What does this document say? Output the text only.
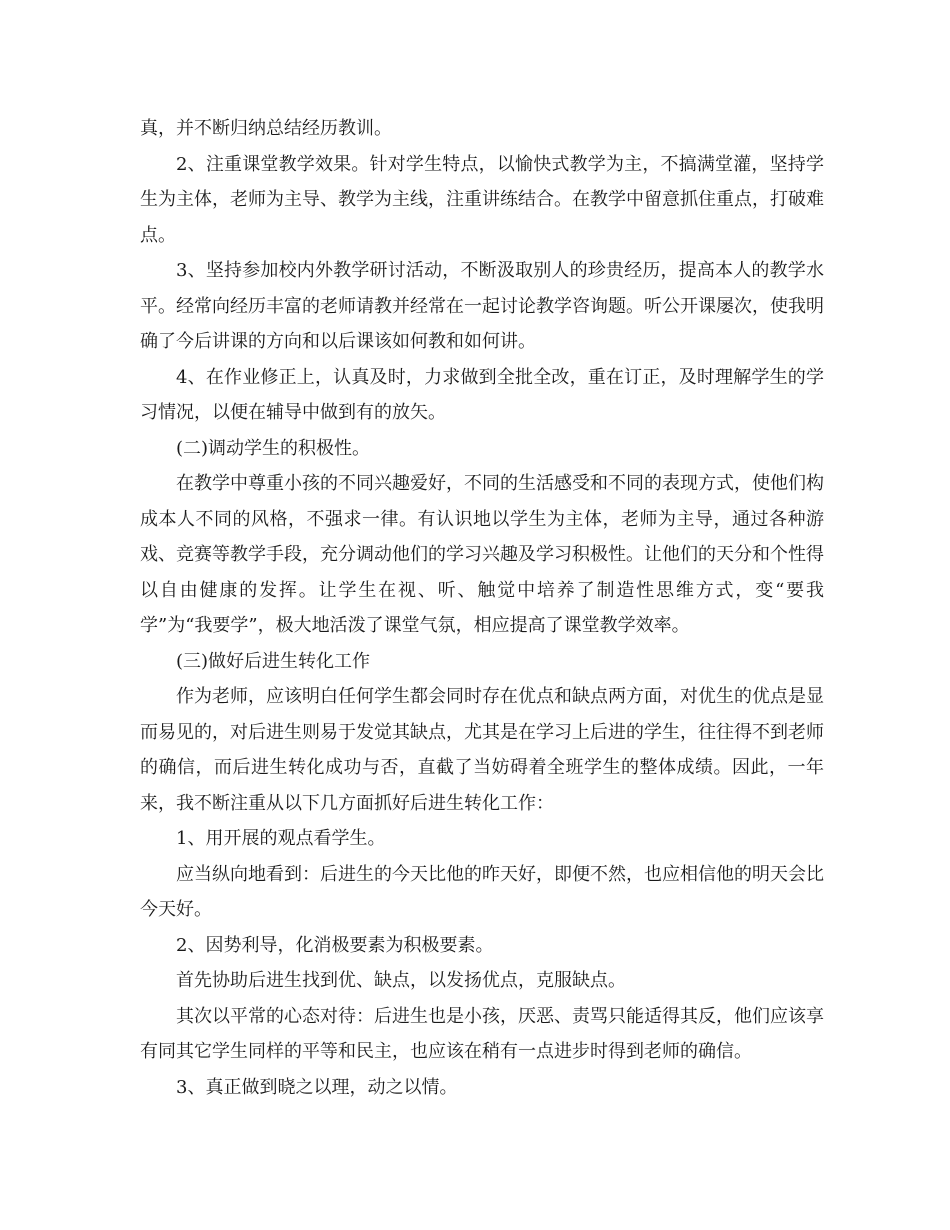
真，并不断归纳总结经历教训。

2、注重课堂教学效果。针对学生特点，以愉快式教学为主，不搞满堂灌，坚持学生为主体，老师为主导、教学为主线，注重讲练结合。在教学中留意抓住重点，打破难点。

3、坚持参加校内外教学研讨活动，不断汲取别人的珍贵经历，提高本人的教学水平。经常向经历丰富的老师请教并经常在一起讨论教学咨询题。听公开课屡次，使我明确了今后讲课的方向和以后课该如何教和如何讲。

4、在作业修正上，认真及时，力求做到全批全改，重在订正，及时理解学生的学习情况，以便在辅导中做到有的放矢。

(二)调动学生的积极性。

在教学中尊重小孩的不同兴趣爱好，不同的生活感受和不同的表现方式，使他们构成本人不同的风格，不强求一律。有认识地以学生为主体，老师为主导，通过各种游戏、竞赛等教学手段，充分调动他们的学习兴趣及学习积极性。让他们的天分和个性得以自由健康的发挥。让学生在视、听、触觉中培养了制造性思维方式，变“要我学”为“我要学”，极大地活泼了课堂气氛，相应提高了课堂教学效率。

(三)做好后进生转化工作

作为老师，应该明白任何学生都会同时存在优点和缺点两方面，对优生的优点是显而易见的，对后进生则易于发觉其缺点，尤其是在学习上后进的学生，往往得不到老师的确信，而后进生转化成功与否，直截了当妨碍着全班学生的整体成绩。因此，一年来，我不断注重从以下几方面抓好后进生转化工作：

1、用开展的观点看学生。

应当纵向地看到：后进生的今天比他的昨天好，即便不然，也应相信他的明天会比今天好。

2、因势利导，化消极要素为积极要素。

首先协助后进生找到优、缺点，以发扬优点，克服缺点。

其次以平常的心态对待：后进生也是小孩，厌恶、责骂只能适得其反，他们应该享有同其它学生同样的平等和民主，也应该在稍有一点进步时得到老师的确信。

3、真正做到晓之以理，动之以情。
